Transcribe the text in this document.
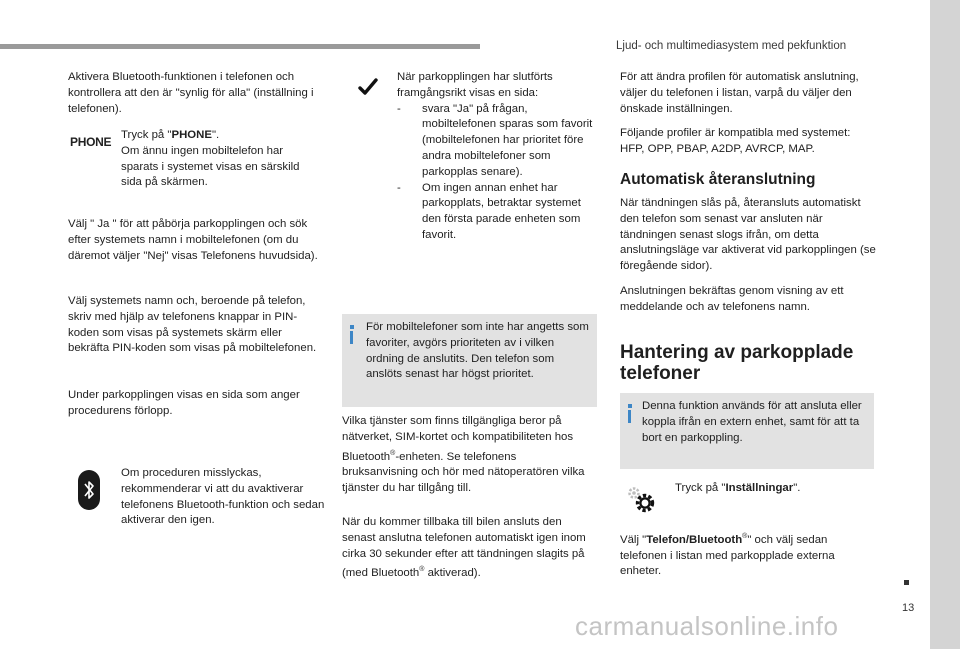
Ljud- och multimediasystem med pekfunktion

Aktivera Bluetooth-funktionen i telefonen och kontrollera att den är "synlig för alla" (inställning i telefonen).

PHONE Tryck på "PHONE".
Om ännu ingen mobiltelefon har sparats i systemet visas en särskild sida på skärmen.

Välj " Ja " för att påbörja parkopplingen och sök efter systemets namn i mobiltelefonen (om du däremot väljer "Nej" visas Telefonens huvudsida).

Välj systemets namn och, beroende på telefon, skriv med hjälp av telefonens knappar in PIN-koden som visas på systemets skärm eller bekräfta PIN-koden som visas på mobiltelefonen.

Under parkopplingen visas en sida som anger procedurens förlopp.

Om proceduren misslyckas, rekommenderar vi att du avaktiverar telefonens Bluetooth-funktion och sedan aktiverar den igen.

När parkopplingen har slutförts framgångsrikt visas en sida:

- svara "Ja" på frågan, mobiltelefonen sparas som favorit (mobiltelefonen har prioritet före andra mobiltelefoner som parkopplas senare).
- Om ingen annan enhet har parkopplats, betraktar systemet den första parade enheten som favorit.

För mobiltelefoner som inte har angetts som favoriter, avgörs prioriteten av i vilken ordning de anslutits. Den telefon som anslöts senast har högst prioritet.

Vilka tjänster som finns tillgängliga beror på nätverket, SIM-kortet och kompatibiliteten hos Bluetooth®-enheten. Se telefonens bruksanvisning och hör med nätoperatören vilka tjänster du har tillgång till.

När du kommer tillbaka till bilen ansluts den senast anslutna telefonen automatiskt igen inom cirka 30 sekunder efter att tändningen slagits på (med Bluetooth® aktiverad).

För att ändra profilen för automatisk anslutning, väljer du telefonen i listan, varpå du väljer den önskade inställningen.

Följande profiler är kompatibla med systemet: HFP, OPP, PBAP, A2DP, AVRCP, MAP.

Automatisk återanslutning

När tändningen slås på, återansluts automatiskt den telefon som senast var ansluten när tändningen senast slogs ifrån, om detta anslutningsläge var aktiverat vid parkopplingen (se föregående sidor).

Anslutningen bekräftas genom visning av ett meddelande och av telefonens namn.

Hantering av parkopplade
telefoner

Denna funktion används för att ansluta eller koppla ifrån en extern enhet, samt för att ta bort en parkoppling.

Tryck på "Inställningar".

Välj "Telefon/Bluetooth®" och välj sedan telefonen i listan med parkopplade externa enheter.

13
carmanualsonline.info
